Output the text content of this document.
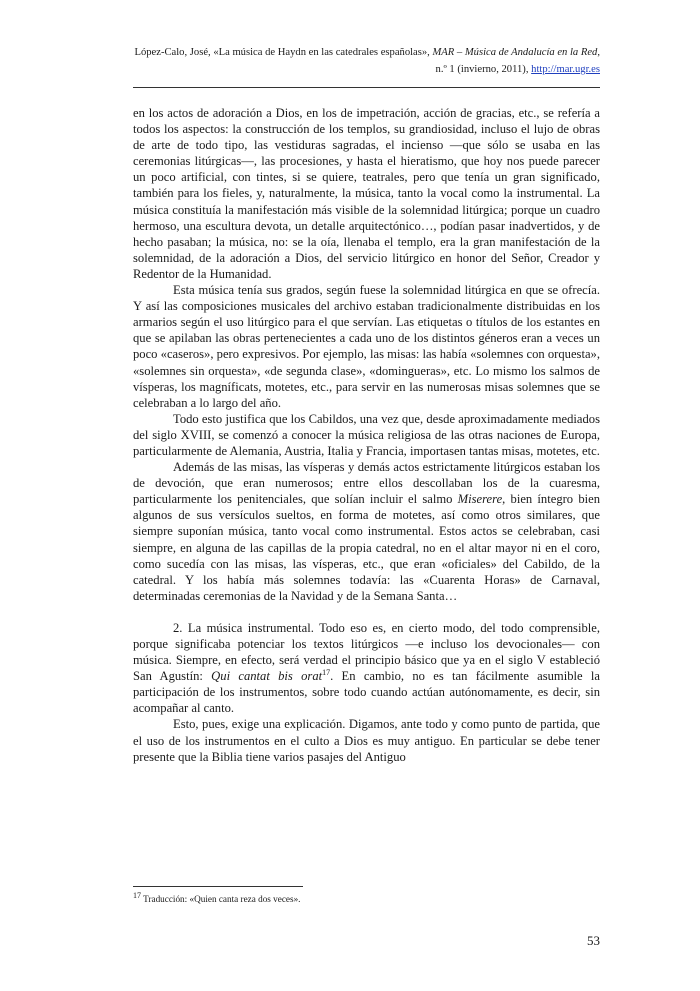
López-Calo, José, «La música de Haydn en las catedrales españolas», MAR – Música de Andalucía en la Red, n.º 1 (invierno, 2011), http://mar.ugr.es

en los actos de adoración a Dios, en los de impetración, acción de gracias, etc., se refería a todos los aspectos: la construcción de los templos, su grandiosidad, incluso el lujo de obras de arte de todo tipo, las vestiduras sagradas, el incienso —que sólo se usaba en las ceremonias litúrgicas—, las procesiones, y hasta el hieratismo, que hoy nos puede parecer un poco artificial, con tintes, si se quiere, teatrales, pero que tenía un gran significado, también para los fieles, y, naturalmente, la música, tanto la vocal como la instrumental. La música constituía la manifestación más visible de la solemnidad litúrgica; porque un cuadro hermoso, una escultura devota, un detalle arquitectónico…, podían pasar inadvertidos, y de hecho pasaban; la música, no: se la oía, llenaba el templo, era la gran manifestación de la solemnidad, de la adoración a Dios, del servicio litúrgico en honor del Señor, Creador y Redentor de la Humanidad.

Esta música tenía sus grados, según fuese la solemnidad litúrgica en que se ofrecía. Y así las composiciones musicales del archivo estaban tradicionalmente distribuidas en los armarios según el uso litúrgico para el que servían. Las etiquetas o títulos de los estantes en que se apilaban las obras pertenecientes a cada uno de los distintos géneros eran a veces un poco «caseros», pero expresivos. Por ejemplo, las misas: las había «solemnes con orquesta», «solemnes sin orquesta», «de segunda clase», «domingueras», etc. Lo mismo los salmos de vísperas, los magníficats, motetes, etc., para servir en las numerosas misas solemnes que se celebraban a lo largo del año.

Todo esto justifica que los Cabildos, una vez que, desde aproximadamente mediados del siglo XVIII, se comenzó a conocer la música religiosa de las otras naciones de Europa, particularmente de Alemania, Austria, Italia y Francia, importasen tantas misas, motetes, etc.

Además de las misas, las vísperas y demás actos estrictamente litúrgicos estaban los de devoción, que eran numerosos; entre ellos descollaban los de la cuaresma, particularmente los penitenciales, que solían incluir el salmo Miserere, bien íntegro bien algunos de sus versículos sueltos, en forma de motetes, así como otros similares, que siempre suponían música, tanto vocal como instrumental. Estos actos se celebraban, casi siempre, en alguna de las capillas de la propia catedral, no en el altar mayor ni en el coro, como sucedía con las misas, las vísperas, etc., que eran «oficiales» del Cabildo, de la catedral. Y los había más solemnes todavía: las «Cuarenta Horas» de Carnaval, determinadas ceremonias de la Navidad y de la Semana Santa…

2. La música instrumental. Todo eso es, en cierto modo, del todo comprensible, porque significaba potenciar los textos litúrgicos —e incluso los devocionales— con música. Siempre, en efecto, será verdad el principio básico que ya en el siglo V estableció San Agustín: Qui cantat bis orat$^{17}$. En cambio, no es tan fácilmente asumible la participación de los instrumentos, sobre todo cuando actúan autónomamente, es decir, sin acompañar al canto.

Esto, pues, exige una explicación. Digamos, ante todo y como punto de partida, que el uso de los instrumentos en el culto a Dios es muy antiguo. En particular se debe tener presente que la Biblia tiene varios pasajes del Antiguo

$^{17}$ Traducción: «Quien canta reza dos veces».
53
